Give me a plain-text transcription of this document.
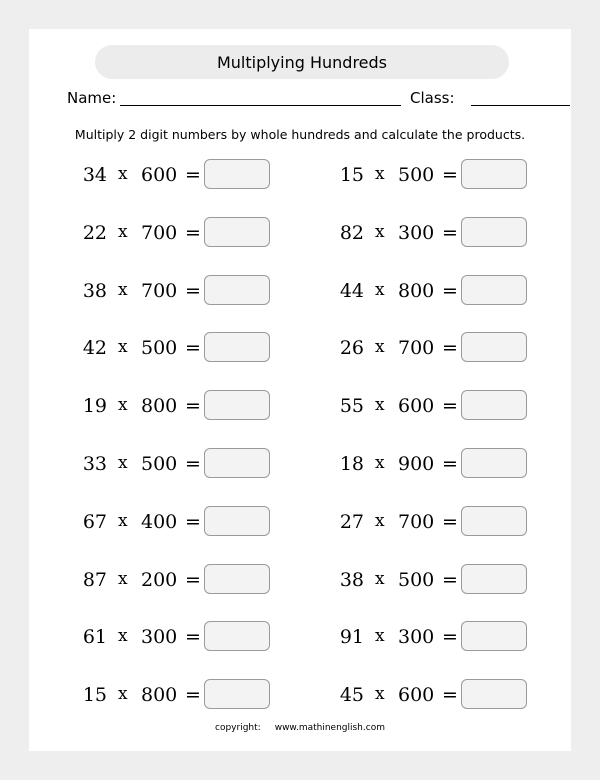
Multiplying Hundreds
Name:	Class:
Multiply 2 digit numbers by whole hundreds and calculate the products.
34 x 600 =
22 x 700 =
38 x 700 =
42 x 500 =
19 x 800 =
33 x 500 =
67 x 400 =
87 x 200 =
61 x 300 =
15 x 800 =
15 x 500 =
82 x 300 =
44 x 800 =
26 x 700 =
55 x 600 =
18 x 900 =
27 x 700 =
38 x 500 =
91 x 300 =
45 x 600 =
copyright: www.mathinenglish.com
